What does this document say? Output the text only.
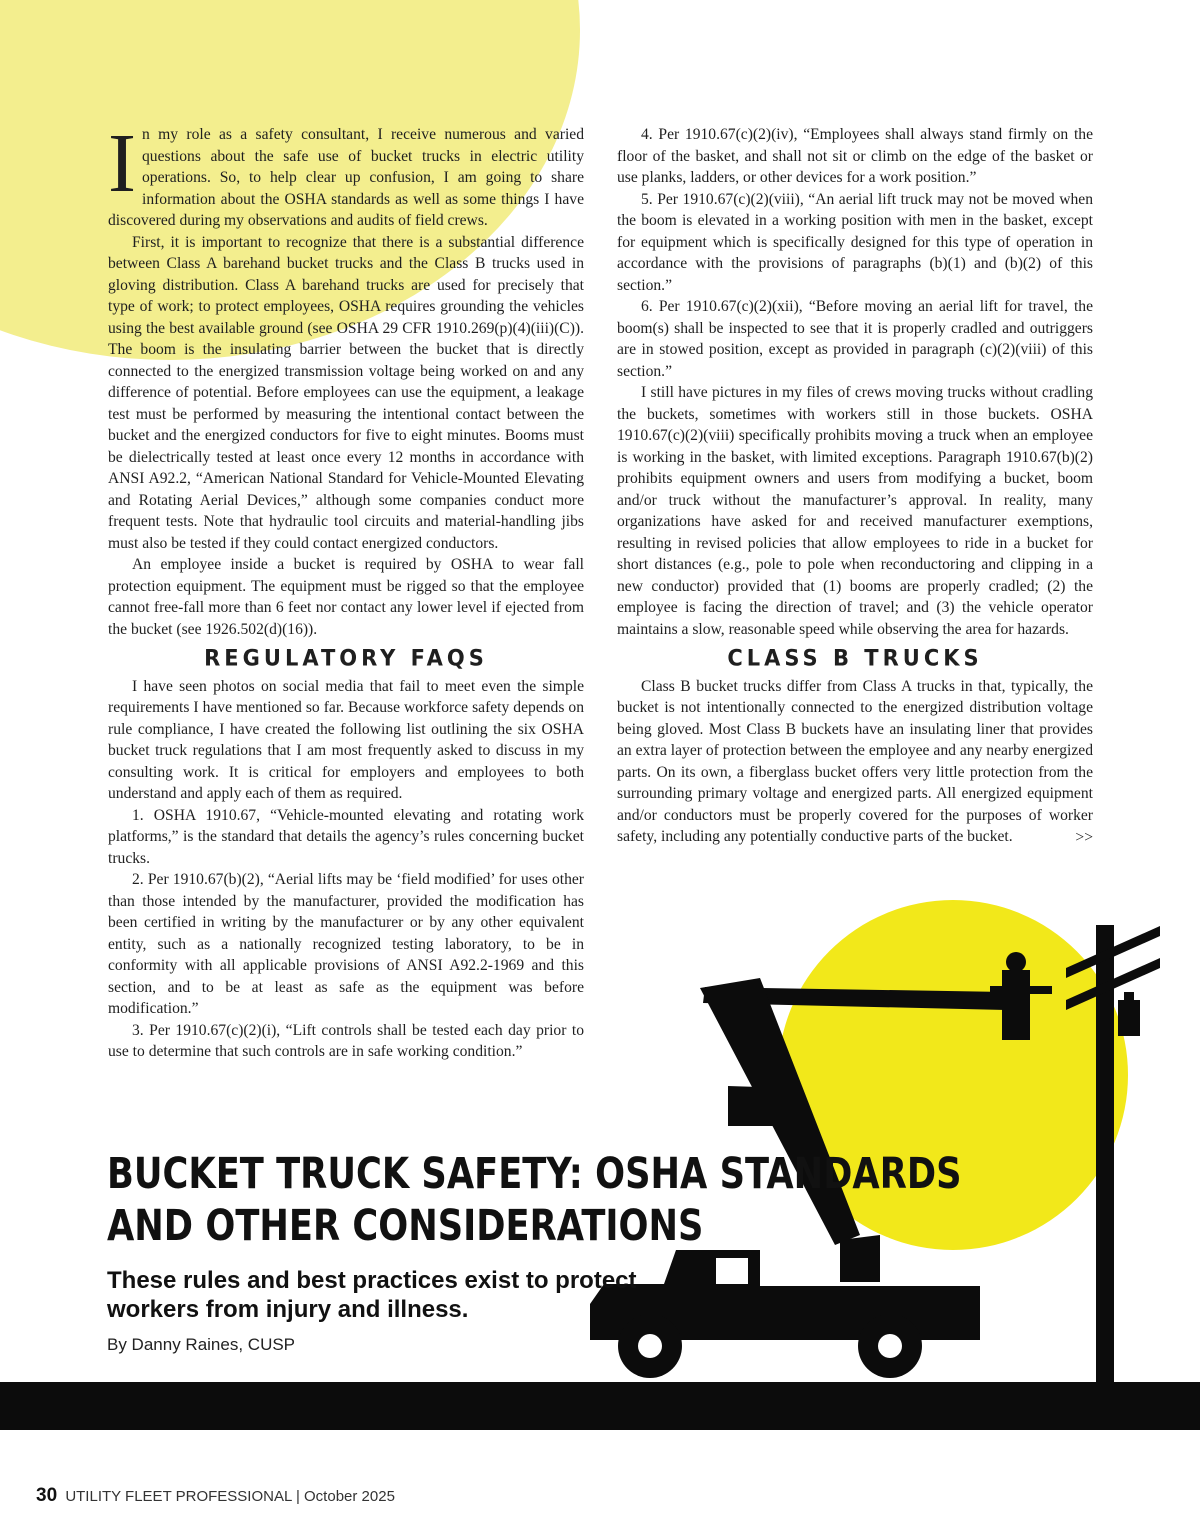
In my role as a safety consultant, I receive numerous and varied questions about the safe use of bucket trucks in electric utility operations. So, to help clear up confusion, I am going to share information about the OSHA standards as well as some things I have discovered during my observations and audits of field crews.

First, it is important to recognize that there is a substantial difference between Class A barehand bucket trucks and the Class B trucks used in gloving distribution. Class A barehand trucks are used for precisely that type of work; to protect employees, OSHA requires grounding the vehicles using the best available ground (see OSHA 29 CFR 1910.269(p)(4)(iii)(C)). The boom is the insulating barrier between the bucket that is directly connected to the energized transmission voltage being worked on and any difference of potential. Before employees can use the equipment, a leakage test must be performed by measuring the intentional contact between the bucket and the energized conductors for five to eight minutes. Booms must be dielectrically tested at least once every 12 months in accordance with ANSI A92.2, “American National Standard for Vehicle-Mounted Elevating and Rotating Aerial Devices,” although some companies conduct more frequent tests. Note that hydraulic tool circuits and material-handling jibs must also be tested if they could contact energized conductors.

An employee inside a bucket is required by OSHA to wear fall protection equipment. The equipment must be rigged so that the employee cannot free-fall more than 6 feet nor contact any lower level if ejected from the bucket (see 1926.502(d)(16)).

REGULATORY FAQS

I have seen photos on social media that fail to meet even the simple requirements I have mentioned so far. Because workforce safety depends on rule compliance, I have created the following list outlining the six OSHA bucket truck regulations that I am most frequently asked to discuss in my consulting work. It is critical for employers and employees to both understand and apply each of them as required.

1. OSHA 1910.67, “Vehicle-mounted elevating and rotating work platforms,” is the standard that details the agency’s rules concerning bucket trucks.

2. Per 1910.67(b)(2), “Aerial lifts may be ‘field modified’ for uses other than those intended by the manufacturer, provided the modification has been certified in writing by the manufacturer or by any other equivalent entity, such as a nationally recognized testing laboratory, to be in conformity with all applicable provisions of ANSI A92.2-1969 and this section, and to be at least as safe as the equipment was before modification.”

3. Per 1910.67(c)(2)(i), “Lift controls shall be tested each day prior to use to determine that such controls are in safe working condition.”

4. Per 1910.67(c)(2)(iv), “Employees shall always stand firmly on the floor of the basket, and shall not sit or climb on the edge of the basket or use planks, ladders, or other devices for a work position.”

5. Per 1910.67(c)(2)(viii), “An aerial lift truck may not be moved when the boom is elevated in a working position with men in the basket, except for equipment which is specifically designed for this type of operation in accordance with the provisions of paragraphs (b)(1) and (b)(2) of this section.”

6. Per 1910.67(c)(2)(xii), “Before moving an aerial lift for travel, the boom(s) shall be inspected to see that it is properly cradled and outriggers are in stowed position, except as provided in paragraph (c)(2)(viii) of this section.”

I still have pictures in my files of crews moving trucks without cradling the buckets, sometimes with workers still in those buckets. OSHA 1910.67(c)(2)(viii) specifically prohibits moving a truck when an employee is working in the basket, with limited exceptions. Paragraph 1910.67(b)(2) prohibits equipment owners and users from modifying a bucket, boom and/or truck without the manufacturer’s approval. In reality, many organizations have asked for and received manufacturer exemptions, resulting in revised policies that allow employees to ride in a bucket for short distances (e.g., pole to pole when reconductoring and clipping in a new conductor) provided that (1) booms are properly cradled; (2) the employee is facing the direction of travel; and (3) the vehicle operator maintains a slow, reasonable speed while observing the area for hazards.

CLASS B TRUCKS

Class B bucket trucks differ from Class A trucks in that, typically, the bucket is not intentionally connected to the energized distribution voltage being gloved. Most Class B buckets have an insulating liner that provides an extra layer of protection between the employee and any nearby energized parts. On its own, a fiberglass bucket offers very little protection from the surrounding primary voltage and energized parts. All energized equipment and/or conductors must be properly covered for the purposes of worker safety, including any potentially conductive parts of the bucket.	>>
BUCKET TRUCK SAFETY: OSHA STANDARDS
AND OTHER CONSIDERATIONS
These rules and best practices exist to protect
workers from injury and illness.
By Danny Raines, CUSP
30 UTILITY FLEET PROFESSIONAL | October 2025
